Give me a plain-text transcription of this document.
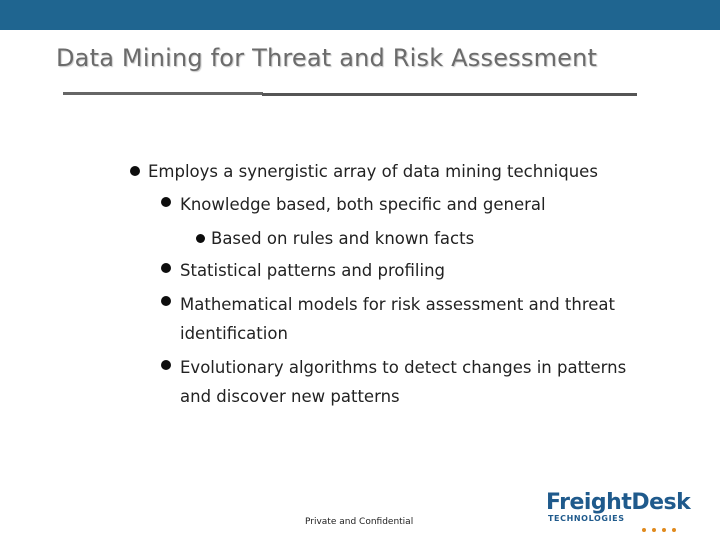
Data Mining for Threat and Risk Assessment
Employs a synergistic array of data mining techniques
Knowledge based, both specific and general
Based on rules and known facts
Statistical patterns and profiling
Mathematical models for risk assessment and threat
identification
Evolutionary algorithms to detect changes in patterns
and discover new patterns
Private and Confidential
FreightDesk
TECHNOLOGIES
